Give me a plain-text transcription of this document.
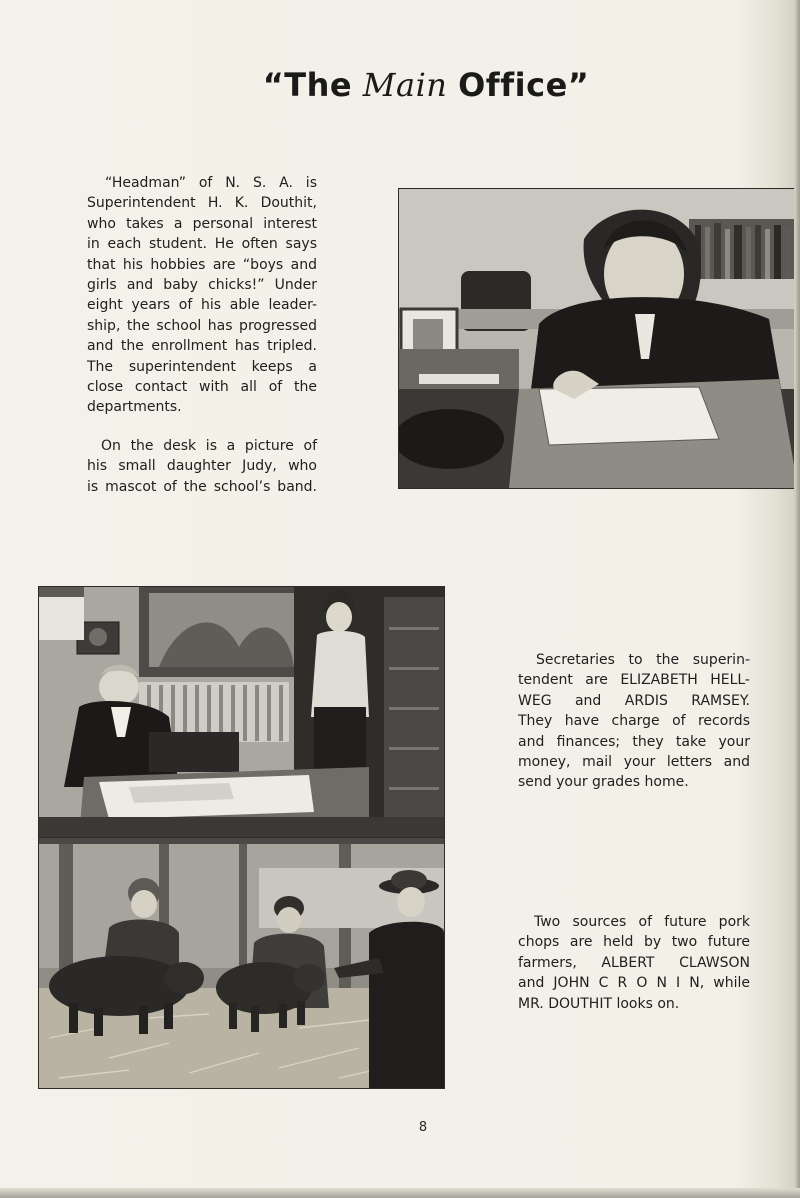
“The Main Office”
“Headman” of N. S. A. is
Superintendent H. K. Douthit,
who takes a personal interest
in each student. He often says
that his hobbies are “boys and
girls and baby chicks!” Under
eight years of his able leader-
ship, the school has progressed
and the enrollment has tripled.
The superintendent keeps a
close contact with all of the
departments.
On the desk is a picture of
his small daughter Judy, who
is mascot of the school’s band.
Secretaries to the superin-
tendent are ELIZABETH HELL-
WEG and ARDIS RAMSEY.
They have charge of records
and finances; they take your
money, mail your letters and
send your grades home.
Two sources of future pork
chops are held by two future
farmers, ALBERT CLAWSON
and JOHN C R O N I N, while
MR. DOUTHIT looks on.
8
